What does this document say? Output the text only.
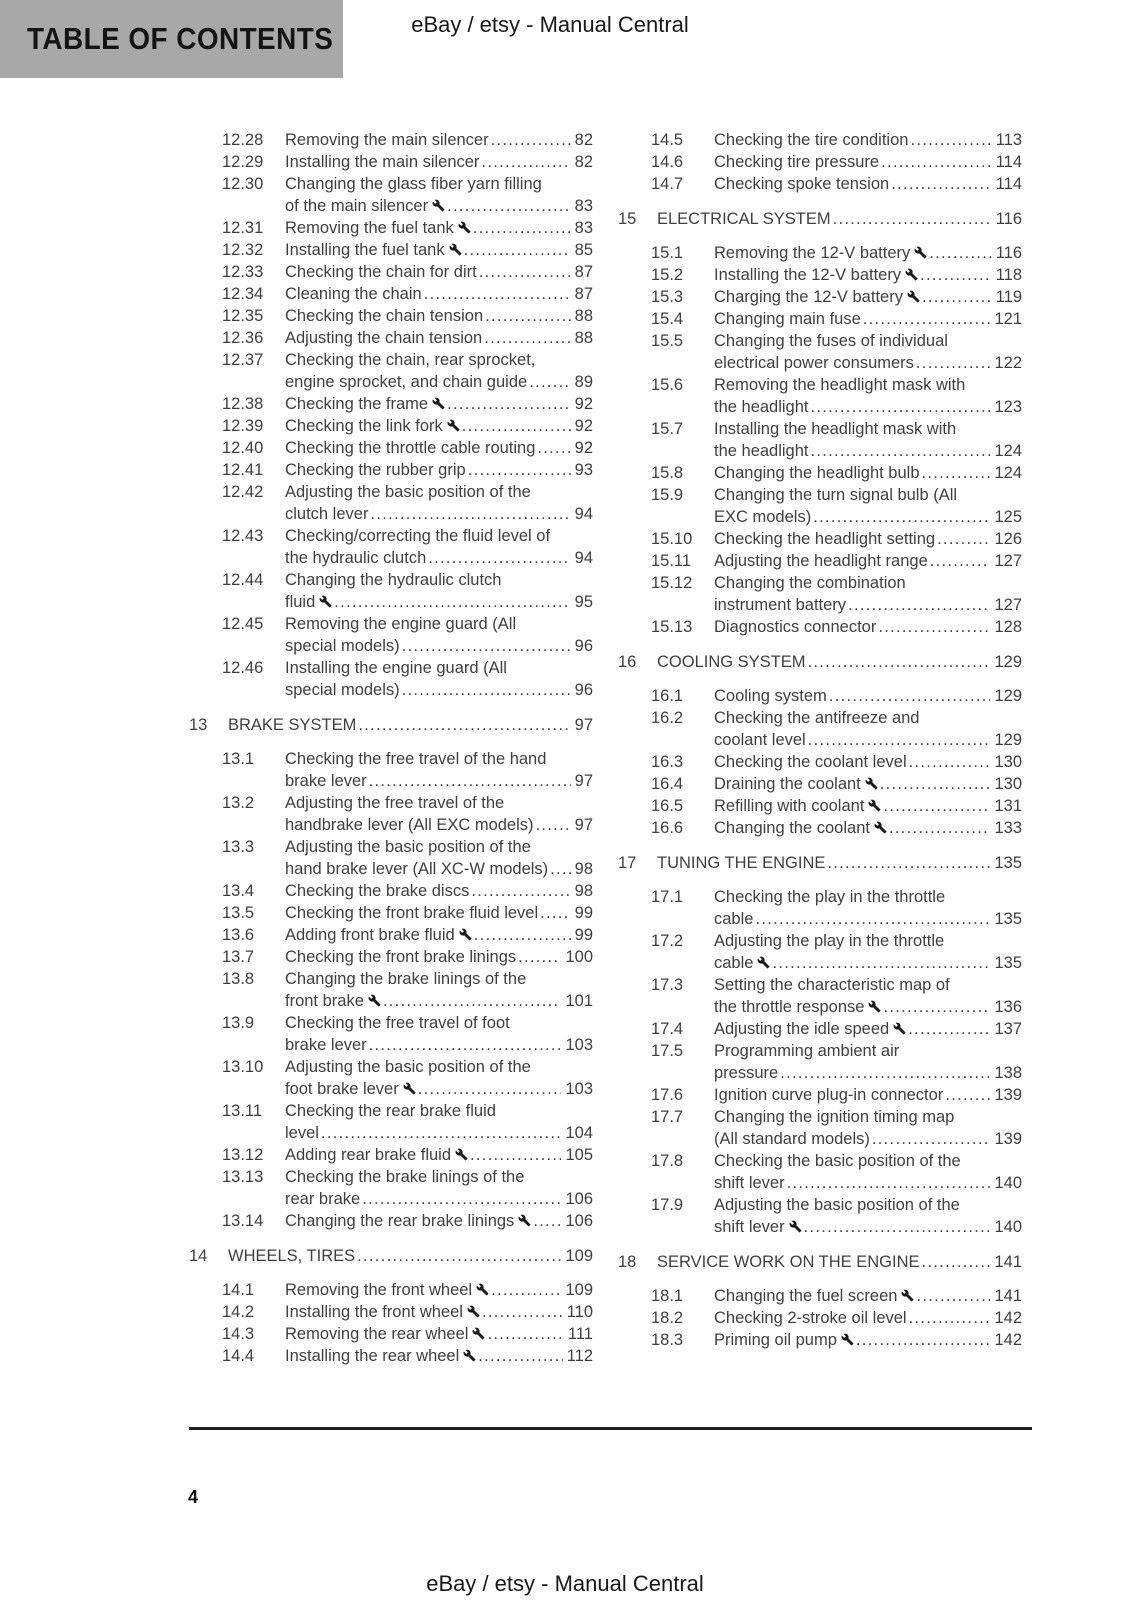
TABLE OF CONTENTS	eBay / etsy - Manual Central
12.28	Removing the main silencer .....	82
12.29	Installing the main silencer .....	82
12.30	Changing the glass fiber yarn filling
of the main silencer .....	83
12.31	Removing the fuel tank .....	83
12.32	Installing the fuel tank .....	85
12.33	Checking the chain for dirt .....	87
12.34	Cleaning the chain .....	87
12.35	Checking the chain tension .....	88
12.36	Adjusting the chain tension .....	88
12.37	Checking the chain, rear sprocket,
engine sprocket, and chain guide .....	89
12.38	Checking the frame .....	92
12.39	Checking the link fork .....	92
12.40	Checking the throttle cable routing ..... 92
12.41	Checking the rubber grip .....	93
12.42	Adjusting the basic position of the
clutch lever .....	94
12.43	Checking/correcting the fluid level of
the hydraulic clutch .....	94
12.44	Changing the hydraulic clutch
fluid .....	95
12.45	Removing the engine guard (All
special models) .....	96
12.46	Installing the engine guard (All
special models) .....	96
13	BRAKE SYSTEM .....	97
13.1	Checking the free travel of the hand
brake lever .....	97
13.2	Adjusting the free travel of the
handbrake lever (All EXC models) ..... 97
13.3	Adjusting the basic position of the
hand brake lever (All XC-W models) ..... 98
13.4	Checking the brake discs .....	98
13.5	Checking the front brake fluid level ..... 99
13.6	Adding front brake fluid .....	99
13.7	Checking the front brake linings .....	100
13.8	Changing the brake linings of the
front brake .....	101
13.9	Checking the free travel of foot
brake lever .....	103
13.10	Adjusting the basic position of the
foot brake lever .....	103
13.11	Checking the rear brake fluid
level .....	104
13.12	Adding rear brake fluid .....	105
13.13	Checking the brake linings of the
rear brake .....	106
13.14	Changing the rear brake linings .....	106
14	WHEELS, TIRES .....	109
14.1	Removing the front wheel .....	109
14.2	Installing the front wheel .....	110
14.3	Removing the rear wheel .....	111
14.4	Installing the rear wheel .....	112
14.5	Checking the tire condition .....	113
14.6	Checking tire pressure .....	114
14.7	Checking spoke tension .....	114
15	ELECTRICAL SYSTEM .....	116
15.1	Removing the 12-V battery .....	116
15.2	Installing the 12-V battery .....	118
15.3	Charging the 12-V battery .....	119
15.4	Changing main fuse .....	121
15.5	Changing the fuses of individual
electrical power consumers .....	122
15.6	Removing the headlight mask with
the headlight .....	123
15.7	Installing the headlight mask with
the headlight .....	124
15.8	Changing the headlight bulb .....	124
15.9	Changing the turn signal bulb (All
EXC models) .....	125
15.10	Checking the headlight setting .....	126
15.11	Adjusting the headlight range .....	127
15.12	Changing the combination
instrument battery .....	127
15.13	Diagnostics connector .....	128
16	COOLING SYSTEM .....	129
16.1	Cooling system .....	129
16.2	Checking the antifreeze and
coolant level .....	129
16.3	Checking the coolant level .....	130
16.4	Draining the coolant .....	130
16.5	Refilling with coolant .....	131
16.6	Changing the coolant .....	133
17	TUNING THE ENGINE .....	135
17.1	Checking the play in the throttle
cable .....	135
17.2	Adjusting the play in the throttle
cable .....	135
17.3	Setting the characteristic map of
the throttle response .....	136
17.4	Adjusting the idle speed .....	137
17.5	Programming ambient air
pressure .....	138
17.6	Ignition curve plug-in connector .....	139
17.7	Changing the ignition timing map
(All standard models) .....	139
17.8	Checking the basic position of the
shift lever .....	140
17.9	Adjusting the basic position of the
shift lever .....	140
18	SERVICE WORK ON THE ENGINE .....	141
18.1	Changing the fuel screen .....	141
18.2	Checking 2-stroke oil level .....	142
18.3	Priming oil pump .....	142
4
eBay / etsy - Manual Central
